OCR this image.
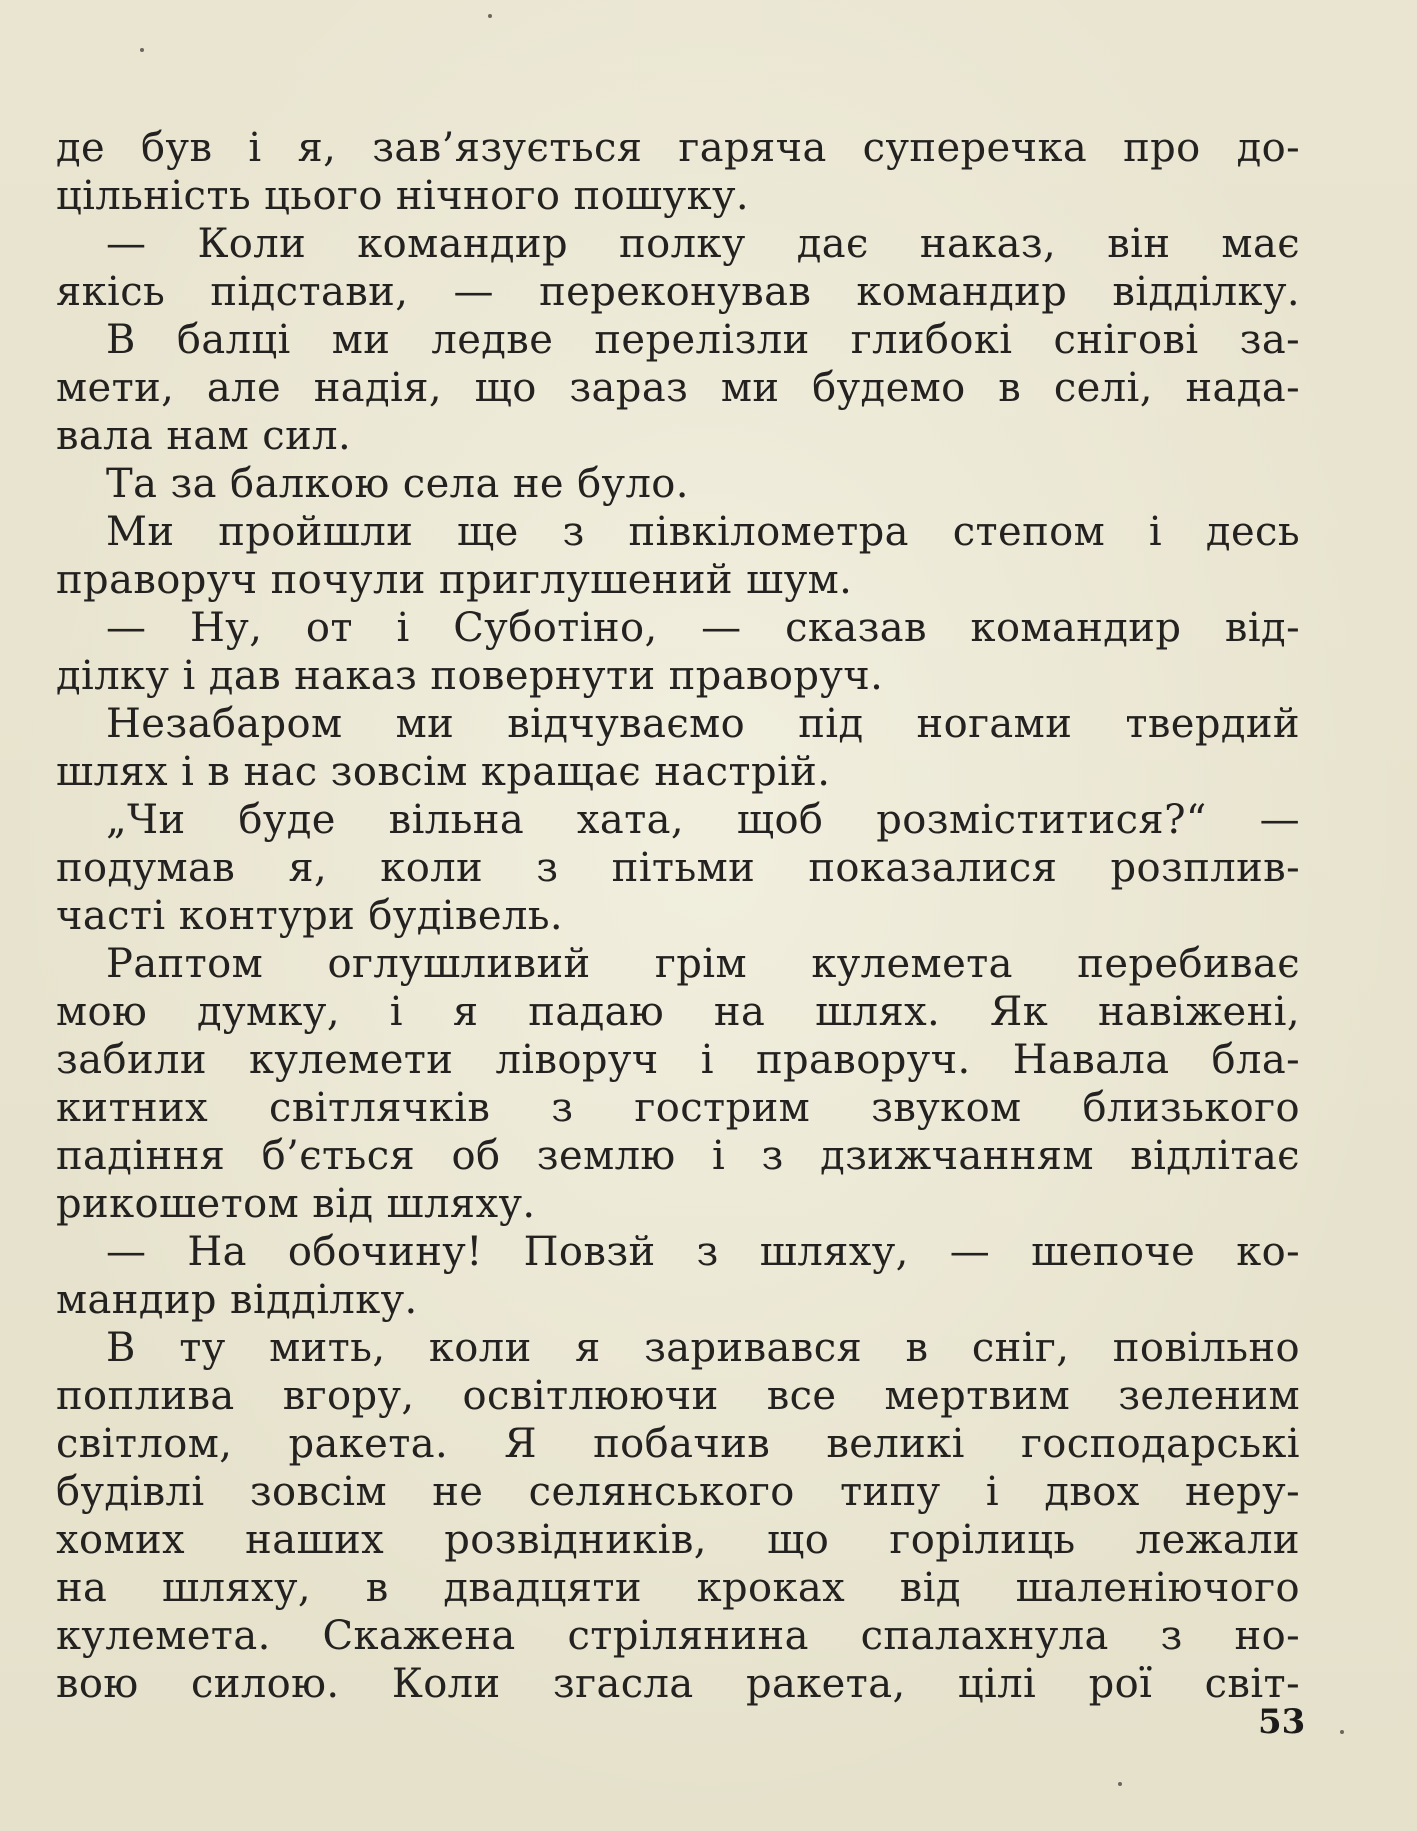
де був і я, зав’язується гаряча суперечка про до-
цільність цього нічного пошуку.
— Коли командир полку дає наказ, він має
якісь підстави, — переконував командир відділку.
В балці ми ледве перелізли глибокі снігові за-
мети, але надія, що зараз ми будемо в селі, нада-
вала нам сил.
Та за балкою села не було.
Ми пройшли ще з півкілометра степом і десь
праворуч почули приглушений шум.
— Ну, от і Суботіно, — сказав командир від-
ділку і дав наказ повернути праворуч.
Незабаром ми відчуваємо під ногами твердий
шлях і в нас зовсім кращає настрій.
„Чи буде вільна хата, щоб розміститися?“ —
подумав я, коли з пітьми показалися розплив-
часті контури будівель.
Раптом оглушливий грім кулемета перебиває
мою думку, і я падаю на шлях. Як навіжені,
забили кулемети ліворуч і праворуч. Навала бла-
китних світлячків з гострим звуком близького
падіння б’ється об землю і з дзижчанням відлітає
рикошетом від шляху.
— На обочину! Повзй з шляху, — шепоче ко-
мандир відділку.
В ту мить, коли я заривався в сніг, повільно
поплива вгору, освітлюючи все мертвим зеленим
світлом, ракета. Я побачив великі господарські
будівлі зовсім не селянського типу і двох неру-
хомих наших розвідників, що горілиць лежали
на шляху, в двадцяти кроках від шаленіючого
кулемета. Скажена стрілянина спалахнула з но-
вою силою. Коли згасла ракета, цілі рої світ-
53
